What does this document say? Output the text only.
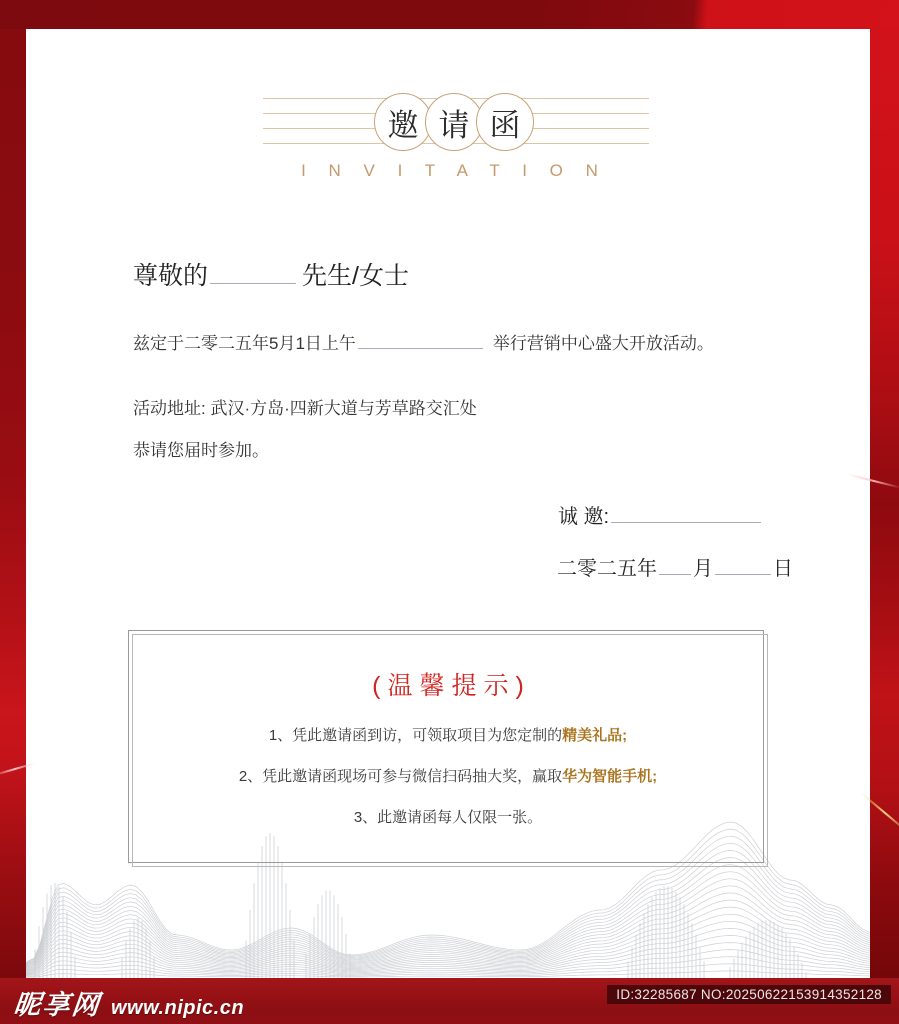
邀 请 函
I N V I T A T I O N
尊敬的	先生/女士
兹定于二零二五年5月1日上午	举行营销中心盛大开放活动。
活动地址: 武汉·方岛·四新大道与芳草路交汇处
恭请您届时参加。
诚 邀:
二零二五年 月	日
(温馨提示)
1、凭此邀请函到访，可领取项目为您定制的精美礼品;
2、凭此邀请函现场可参与微信扫码抽大奖，赢取华为智能手机;
3、此邀请函每人仅限一张。
昵享网 www.nipic.cn
ID:32285687 NO:20250622153914352128
